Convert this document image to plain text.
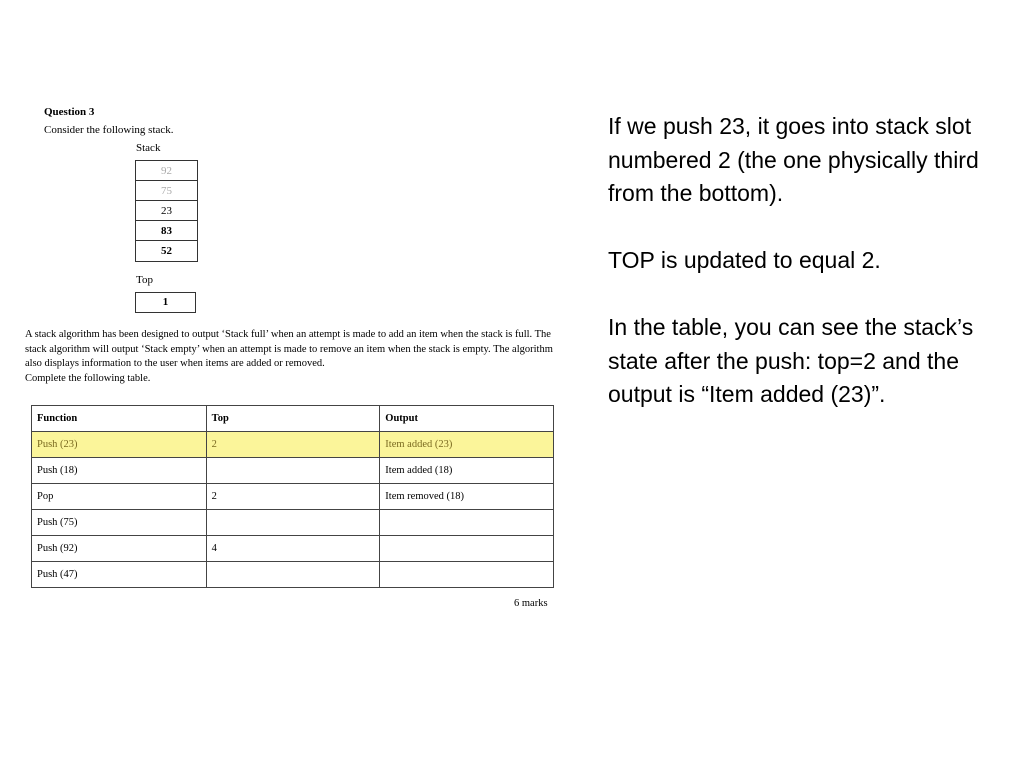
Question 3
Consider the following stack.
Stack
92
75
23
83
52
Top
1

A stack algorithm has been designed to output ‘Stack full’ when an attempt is made to add an item when the stack is full. The stack algorithm will output ‘Stack empty’ when an attempt is made to remove an item when the stack is empty. The algorithm also displays information to the user when items are added or removed.

Complete the following table.

Function	Top	Output
Push (23)	2	Item added (23)
Push (18)		Item added (18)
Pop	2	Item removed (18)
Push (75)		
Push (92)	4	
Push (47)		
6 marks

If we push 23, it goes into stack slot numbered 2 (the one physically third from the bottom).

TOP is updated to equal 2.

In the table, you can see the stack’s state after the push: top=2 and the output is “Item added (23)”.
